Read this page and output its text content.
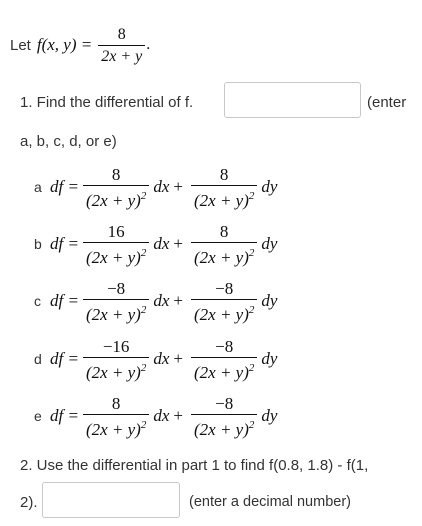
Let f(x, $y) = \frac{8}{2x + y}$ .
1. Find the differential of f.	(enter
a, b, c, d, or e)
a df = $\frac{8}{(2x + y)^2}$ dx + $\frac{8}{(2x + y)^2}$ dy
b df = $\frac{16}{(2x + y)^2}$ dx + $\frac{8}{(2x + y)^2}$ dy
c df = $\frac{-8}{(2x + y)^2}$ dx + $\frac{-8}{(2x + y)^2}$ dy
d df = $\frac{-16}{(2x + y)^2}$ dx + $\frac{-8}{(2x + y)^2}$ dy
e df = $\frac{8}{(2x + y)^2}$ dx + $\frac{-8}{(2x + y)^2}$ dy
2. Use the differential in part 1 to find f(0.8, 1.8) - f(1,
2).	(enter a decimal number)
